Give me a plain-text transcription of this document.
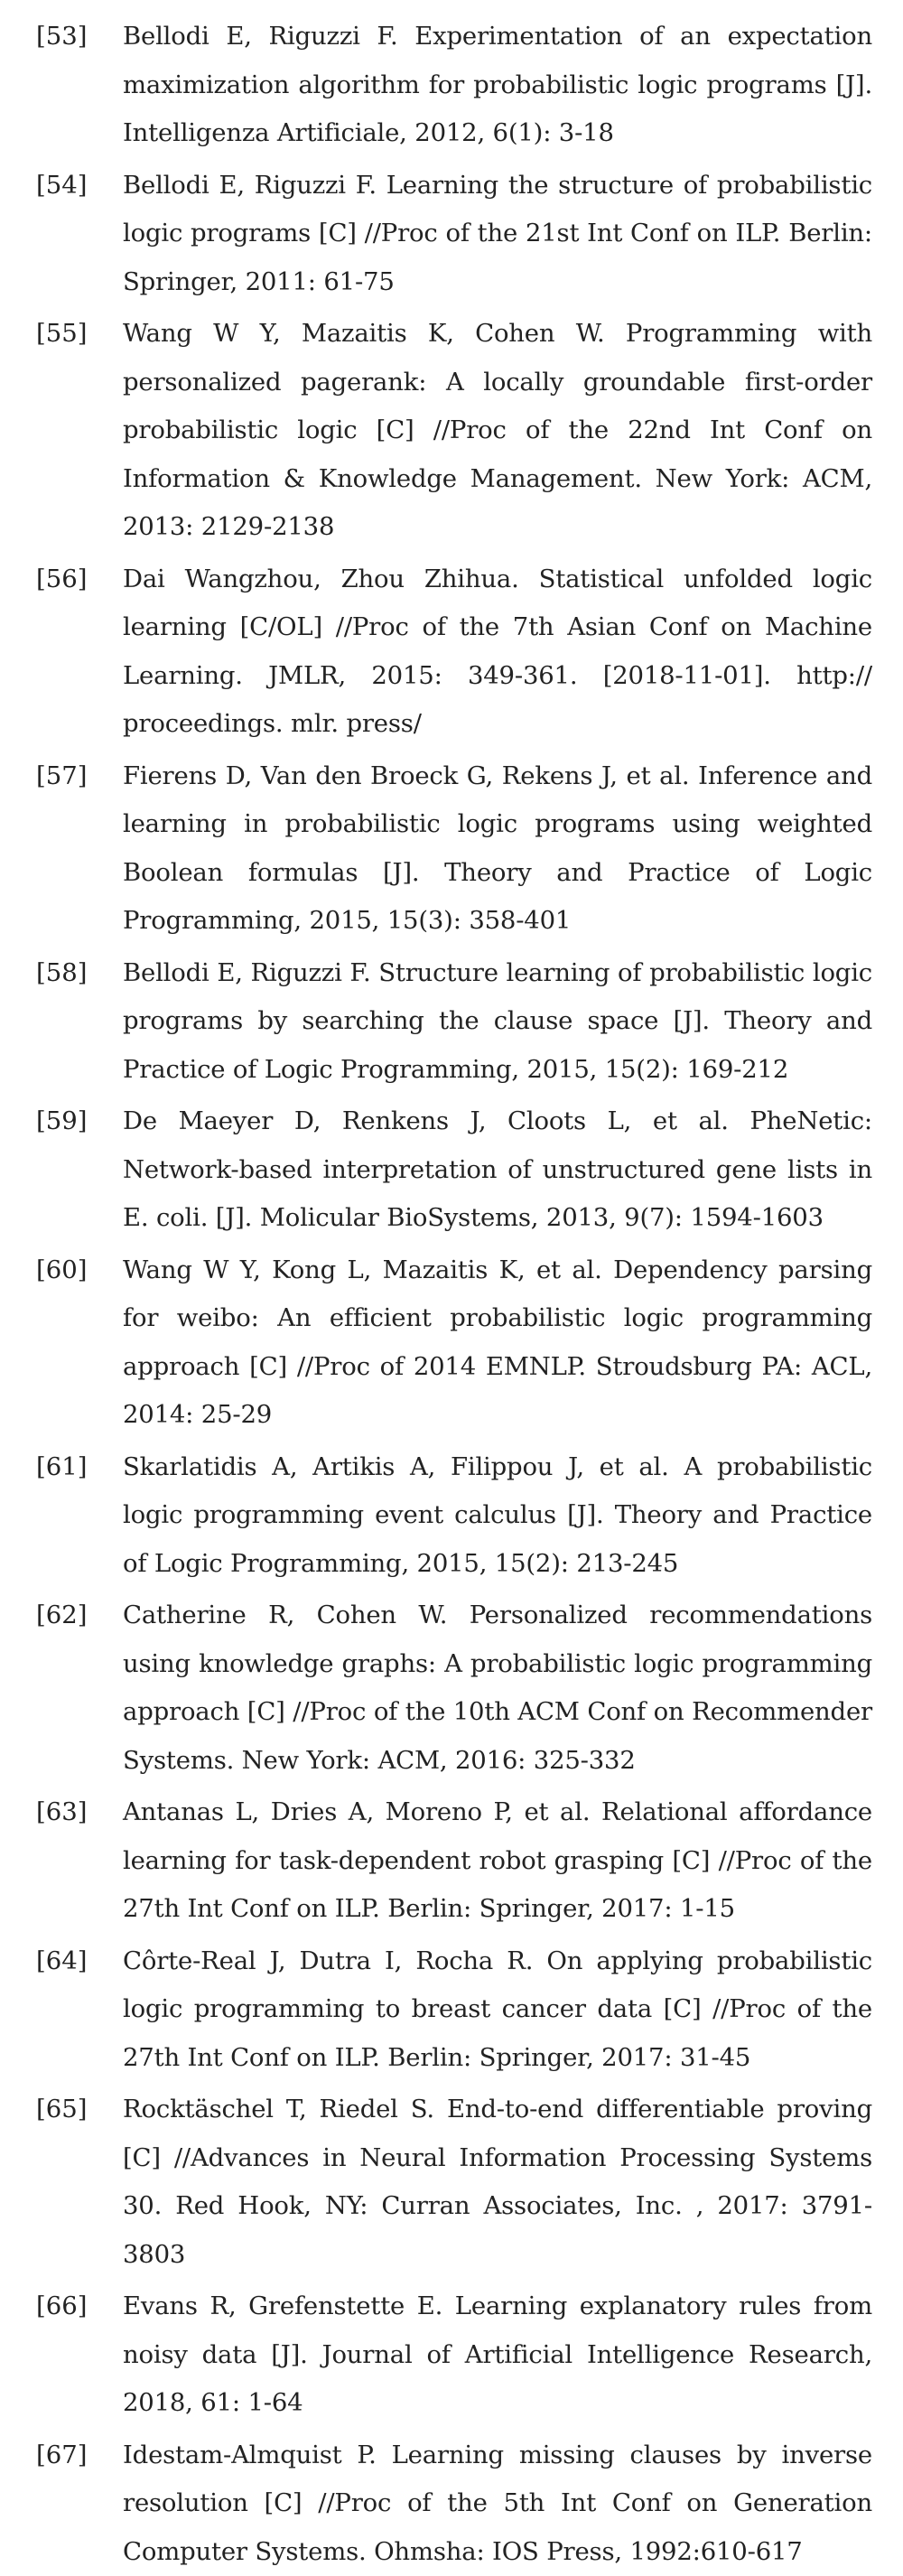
[53]	Bellodi E, Riguzzi F. Experimentation of an expectation maximization algorithm for probabilistic logic programs [J]. Intelligenza Artificiale, 2012, 6(1): 3-18
[54]	Bellodi E, Riguzzi F. Learning the structure of probabilistic logic programs [C] //Proc of the 21st Int Conf on ILP. Berlin: Springer, 2011: 61-75
[55]	Wang W Y, Mazaitis K, Cohen W. Programming with personalized pagerank: A locally groundable first-order probabilistic logic [C] //Proc of the 22nd Int Conf on Information & Knowledge Management. New York: ACM, 2013: 2129-2138
[56]	Dai Wangzhou, Zhou Zhihua. Statistical unfolded logic learning [C/OL] //Proc of the 7th Asian Conf on Machine Learning. JMLR, 2015: 349-361. [2018-11-01]. http:// proceedings. mlr. press/
[57]	Fierens D, Van den Broeck G, Rekens J, et al. Inference and learning in probabilistic logic programs using weighted Boolean formulas [J]. Theory and Practice of Logic Programming, 2015, 15(3): 358-401
[58]	Bellodi E, Riguzzi F. Structure learning of probabilistic logic programs by searching the clause space [J]. Theory and Practice of Logic Programming, 2015, 15(2): 169-212
[59]	De Maeyer D, Renkens J, Cloots L, et al. PheNetic: Network-based interpretation of unstructured gene lists in E. coli. [J]. Molicular BioSystems, 2013, 9(7): 1594-1603
[60]	Wang W Y, Kong L, Mazaitis K, et al. Dependency parsing for weibo: An efficient probabilistic logic programming approach [C] //Proc of 2014 EMNLP. Stroudsburg PA: ACL, 2014: 25-29
[61]	Skarlatidis A, Artikis A, Filippou J, et al. A probabilistic logic programming event calculus [J]. Theory and Practice of Logic Programming, 2015, 15(2): 213-245
[62]	Catherine R, Cohen W. Personalized recommendations using knowledge graphs: A probabilistic logic programming approach [C] //Proc of the 10th ACM Conf on Recommender Systems. New York: ACM, 2016: 325-332
[63]	Antanas L, Dries A, Moreno P, et al. Relational affordance learning for task-dependent robot grasping [C] //Proc of the 27th Int Conf on ILP. Berlin: Springer, 2017: 1-15
[64]	Côrte-Real J, Dutra I, Rocha R. On applying probabilistic logic programming to breast cancer data [C] //Proc of the 27th Int Conf on ILP. Berlin: Springer, 2017: 31-45
[65]	Rocktäschel T, Riedel S. End-to-end differentiable proving [C] //Advances in Neural Information Processing Systems 30. Red Hook, NY: Curran Associates, Inc. , 2017: 3791-3803
[66]	Evans R, Grefenstette E. Learning explanatory rules from noisy data [J]. Journal of Artificial Intelligence Research, 2018, 61: 1-64
[67]	Idestam-Almquist P. Learning missing clauses by inverse resolution [C] //Proc of the 5th Int Conf on Generation Computer Systems. Ohmsha: IOS Press, 1992:610-617
